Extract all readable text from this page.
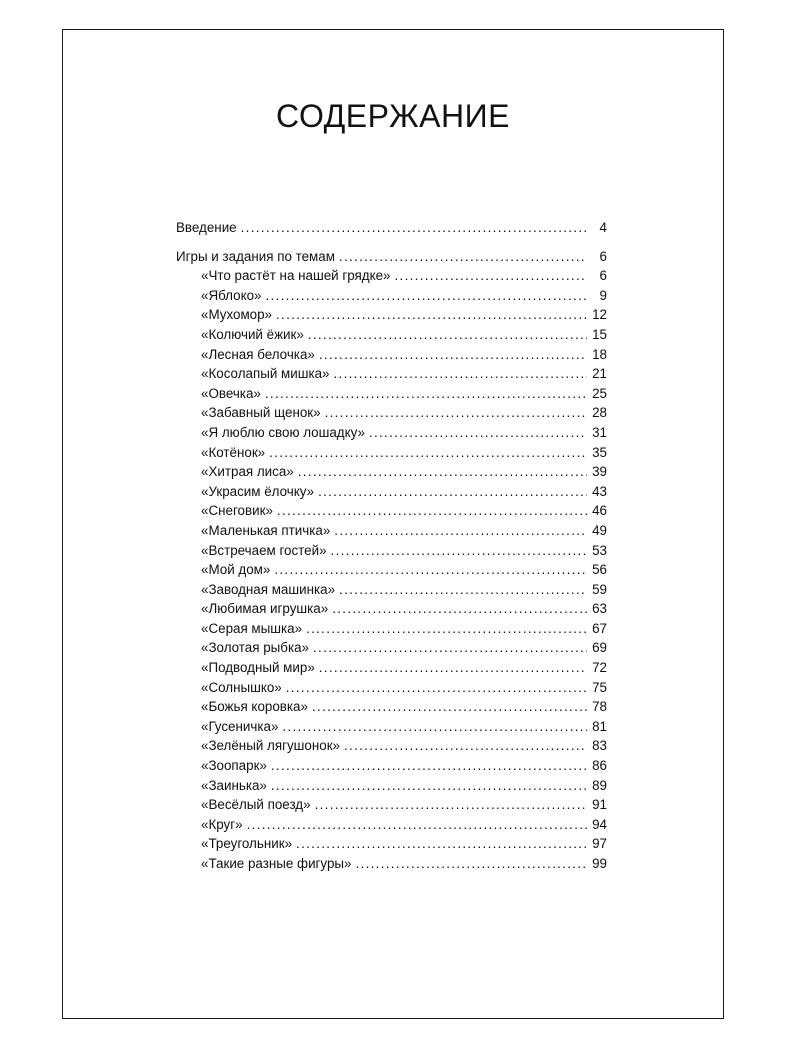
СОДЕРЖАНИЕ
Введение . . .	4
Игры и задания по темам . . .	6
«Что растёт на нашей грядке» . . .	6
«Яблоко» . . .	9
«Мухомор» . . .	12
«Колючий ёжик» . . .	15
«Лесная белочка» . . .	18
«Косолапый мишка» . . .	21
«Овечка» . . .	25
«Забавный щенок» . . .	28
«Я люблю свою лошадку» . . .	31
«Котёнок» . . .	35
«Хитрая лиса» . . .	39
«Украсим ёлочку» . . .	43
«Снеговик» . . .	46
«Маленькая птичка» . . .	49
«Встречаем гостей» . . .	53
«Мой дом» . . .	56
«Заводная машинка» . . .	59
«Любимая игрушка» . . .	63
«Серая мышка» . . .	67
«Золотая рыбка» . . .	69
«Подводный мир» . . .	72
«Солнышко» . . .	75
«Божья коровка» . . .	78
«Гусеничка» . . .	81
«Зелёный лягушонок» . . .	83
«Зоопарк» . . .	86
«Заинька» . . .	89
«Весёлый поезд» . . .	91
«Круг» . . .	94
«Треугольник» . . .	97
«Такие разные фигуры» . . .	99
